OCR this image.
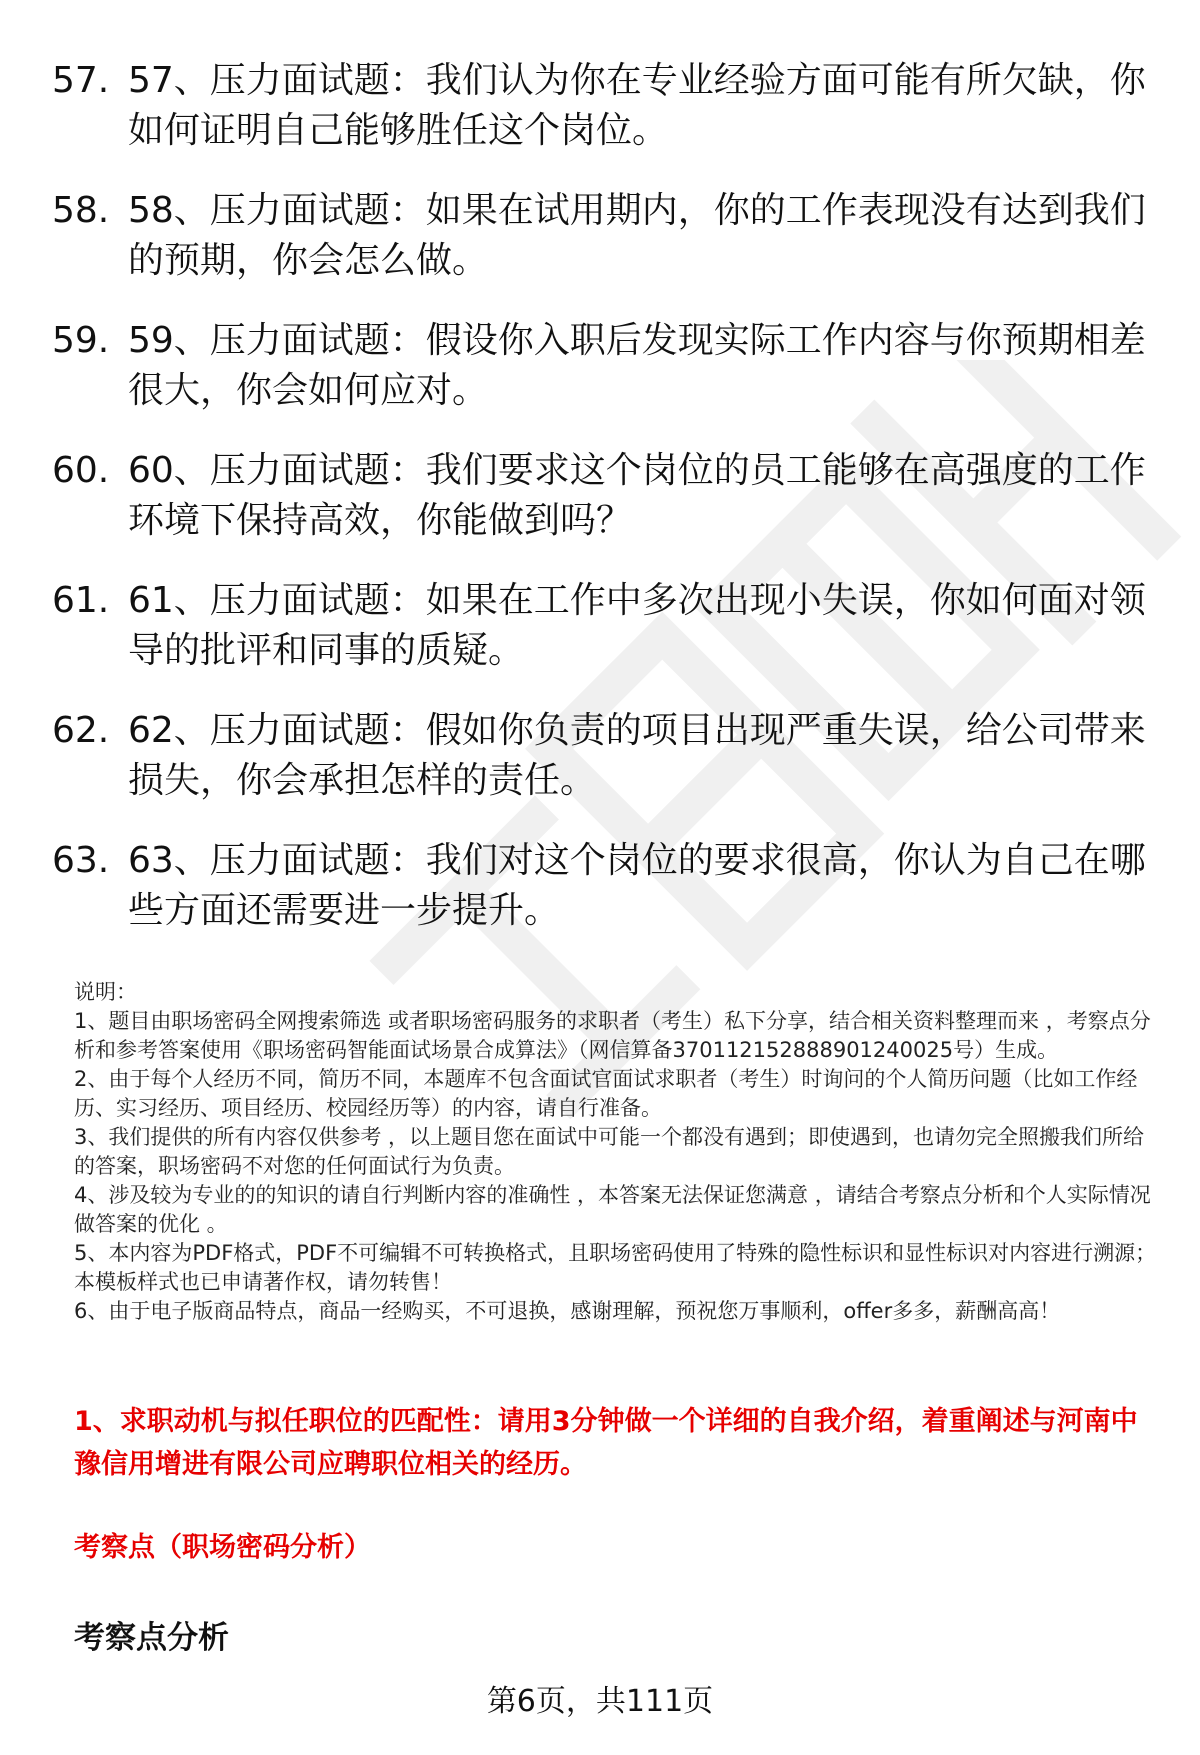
57. 57、压力面试题：我们认为你在专业经验方面可能有所欠缺，你如何证明自己能够胜任这个岗位。
58. 58、压力面试题：如果在试用期内，你的工作表现没有达到我们的预期，你会怎么做。
59. 59、压力面试题：假设你入职后发现实际工作内容与你预期相差很大，你会如何应对。
60. 60、压力面试题：我们要求这个岗位的员工能够在高强度的工作环境下保持高效，你能做到吗？
61. 61、压力面试题：如果在工作中多次出现小失误，你如何面对领导的批评和同事的质疑。
62. 62、压力面试题：假如你负责的项目出现严重失误，给公司带来损失，你会承担怎样的责任。
63. 63、压力面试题：我们对这个岗位的要求很高，你认为自己在哪些方面还需要进一步提升。

说明：

1、题目由职场密码全网搜索筛选 或者职场密码服务的求职者（考生）私下分享，结合相关资料整理而来 ，考察点分析和参考答案使用《职场密码智能面试场景合成算法》（网信算备370112152888901240025号）生成。

2、由于每个人经历不同，简历不同，本题库不包含面试官面试求职者（考生）时询问的个人简历问题（比如工作经历、实习经历、项目经历、校园经历等）的内容，请自行准备。

3、我们提供的所有内容仅供参考 ，以上题目您在面试中可能一个都没有遇到；即使遇到，也请勿完全照搬我们所给的答案，职场密码不对您的任何面试行为负责。

4、涉及较为专业的的知识的请自行判断内容的准确性 ，本答案无法保证您满意 ，请结合考察点分析和个人实际情况做答案的优化 。

5、本内容为PDF格式，PDF不可编辑不可转换格式，且职场密码使用了特殊的隐性标识和显性标识对内容进行溯源；本模板样式也已申请著作权，请勿转售！

6、由于电子版商品特点，商品一经购买，不可退换，感谢理解，预祝您万事顺利，offer多多，薪酬高高！

1、求职动机与拟任职位的匹配性：请用3分钟做一个详细的自我介绍，着重阐述与河南中豫信用增进有限公司应聘职位相关的经历。

考察点（职场密码分析）

考察点分析
第6页，共111页
